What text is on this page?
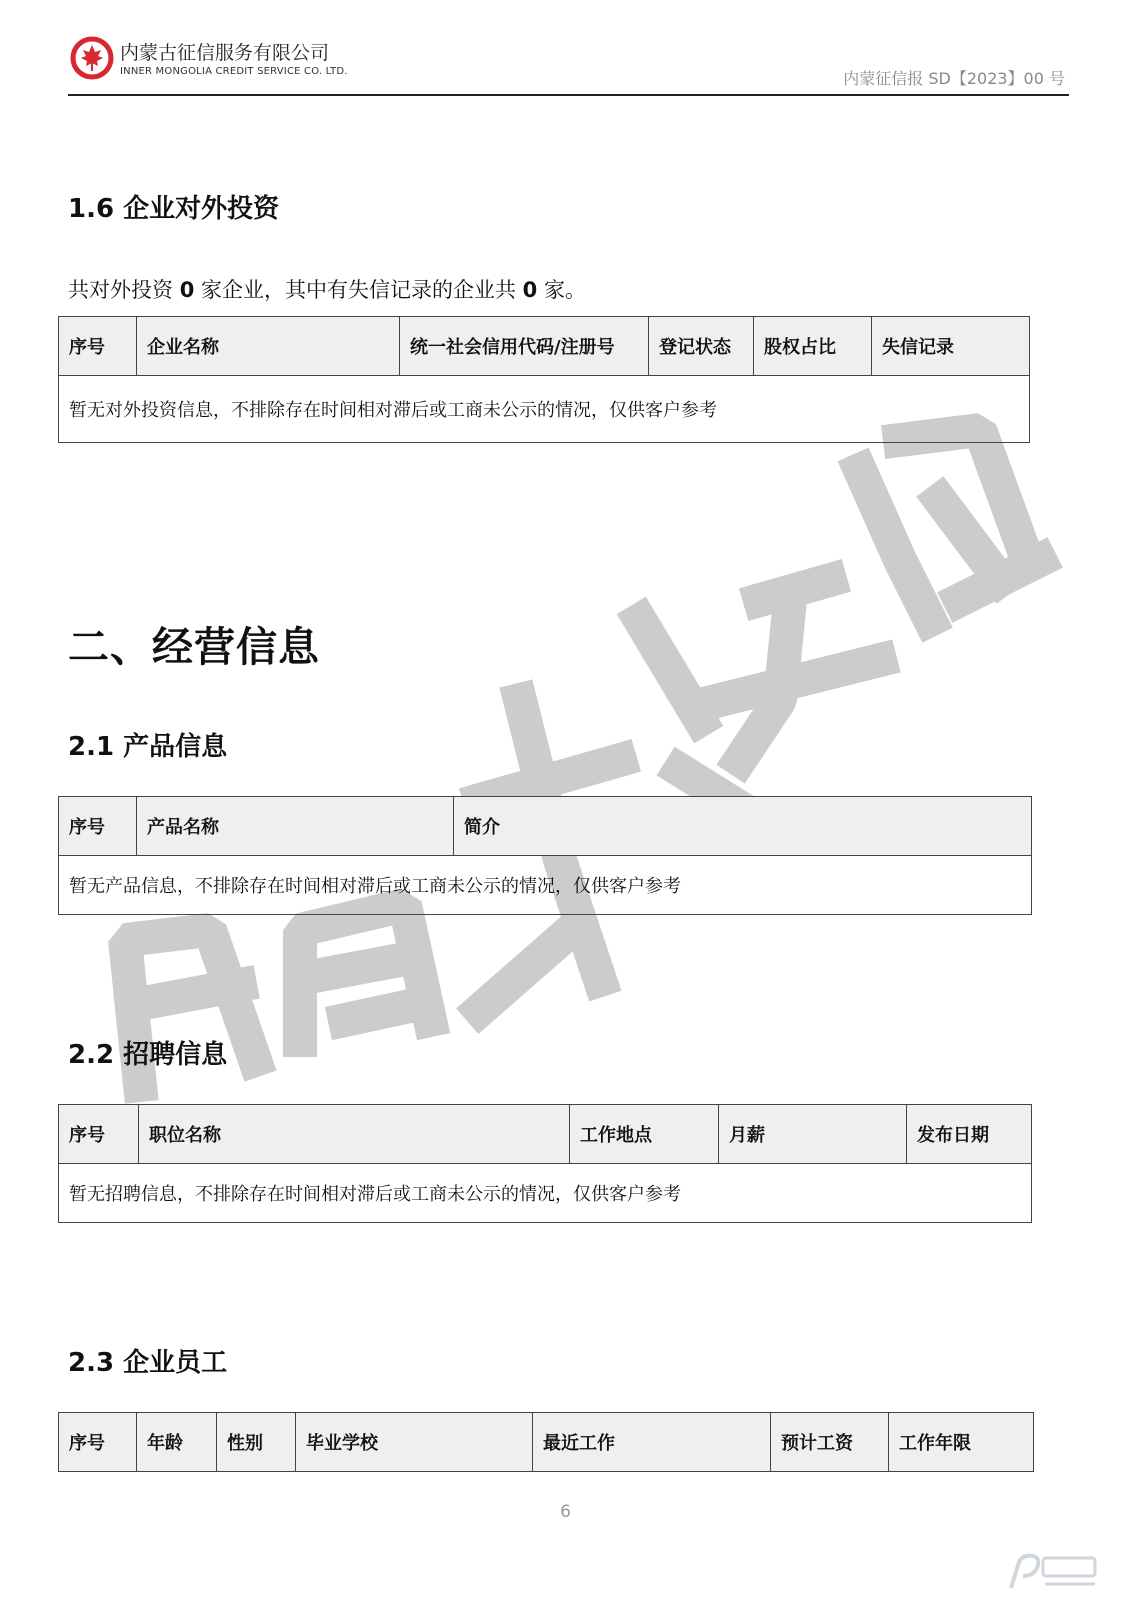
内蒙古征信服务有限公司
INNER MONGOLIA CREDIT SERVICE CO. LTD.	内蒙征信报 SD【2023】00 号
1.6 企业对外投资
共对外投资 0 家企业，其中有失信记录的企业共 0 家。
序号	企业名称	统一社会信用代码/注册号	登记状态	股权占比	失信记录
暂无对外投资信息，不排除存在时间相对滞后或工商未公示的情况，仅供客户参考
二、经营信息
2.1 产品信息
序号	产品名称	简介
暂无产品信息，不排除存在时间相对滞后或工商未公示的情况，仅供客户参考
2.2 招聘信息
序号	职位名称	工作地点	月薪	发布日期
暂无招聘信息，不排除存在时间相对滞后或工商未公示的情况，仅供客户参考
2.3 企业员工
序号	年龄	性别	毕业学校	最近工作	预计工资	工作年限
6
